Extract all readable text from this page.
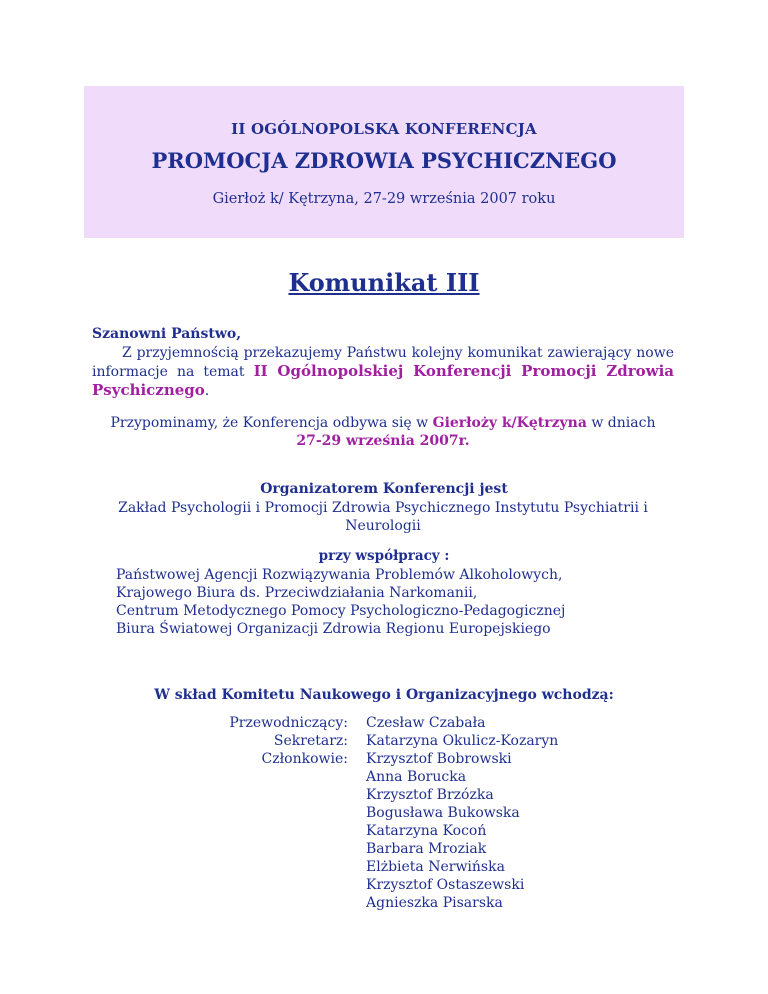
II OGÓLNOPOLSKA KONFERENCJA
PROMOCJA ZDROWIA PSYCHICZNEGO
Gierłoż k/ Kętrzyna, 27-29 września 2007 roku
Komunikat III
Szanowni Państwo,
Z przyjemnością przekazujemy Państwu kolejny komunikat zawierający nowe informacje na temat II Ogólnopolskiej Konferencji Promocji Zdrowia Psychicznego.
Przypominamy, że Konferencja odbywa się w Gierłoży k/Kętrzyna w dniach
27-29 września 2007r.
Organizatorem Konferencji jest
Zakład Psychologii i Promocji Zdrowia Psychicznego Instytutu Psychiatrii i Neurologii
przy współpracy :
Państwowej Agencji Rozwiązywania Problemów Alkoholowych,
Krajowego Biura ds. Przeciwdziałania Narkomanii,
Centrum Metodycznego Pomocy Psychologiczno-Pedagogicznej
Biura Światowej Organizacji Zdrowia Regionu Europejskiego
W skład Komitetu Naukowego i Organizacyjnego wchodzą:
Przewodniczący:
Sekretarz:
Członkowie:
Czesław Czabała
Katarzyna Okulicz-Kozaryn
Krzysztof Bobrowski
Anna Borucka
Krzysztof Brzózka
Bogusława Bukowska
Katarzyna Kocoń
Barbara Mroziak
Elżbieta Nerwińska
Krzysztof Ostaszewski
Agnieszka Pisarska
